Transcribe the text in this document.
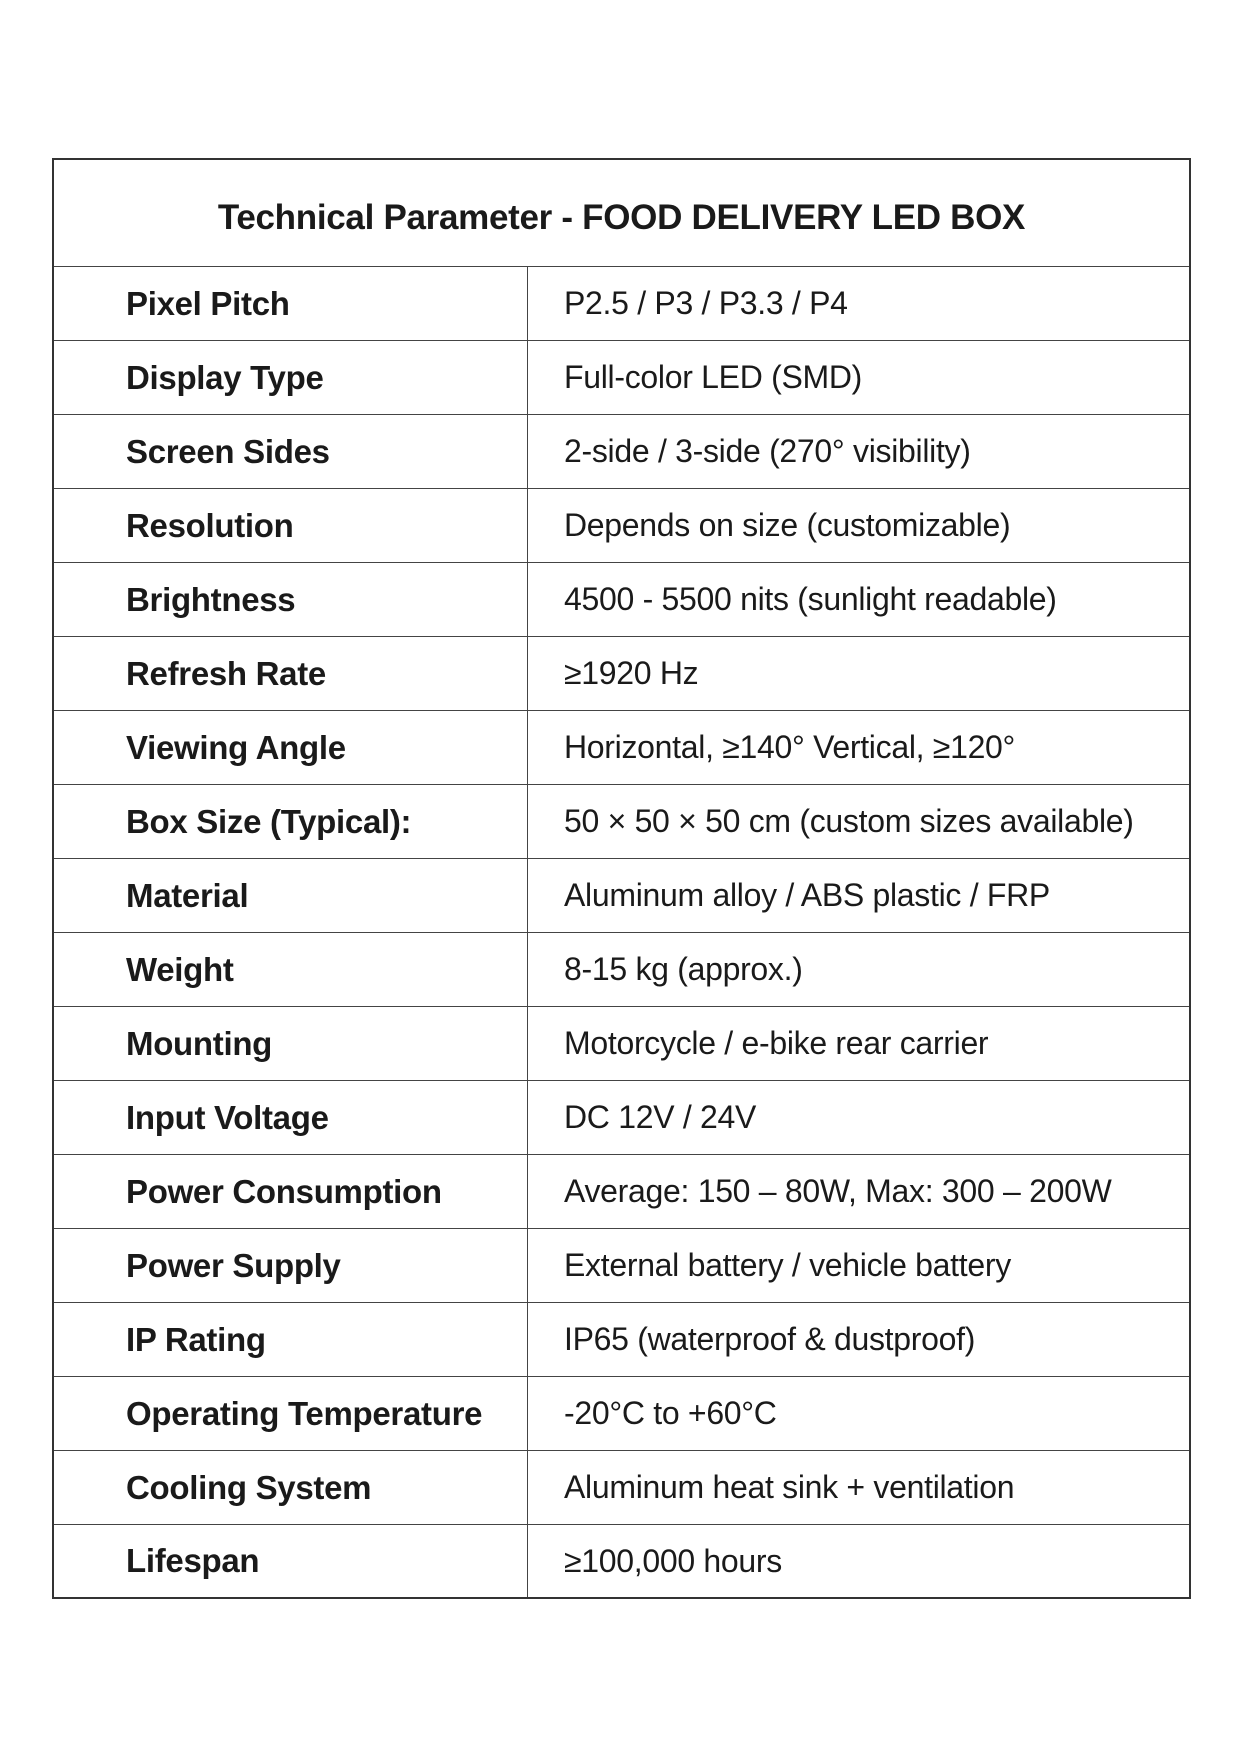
Technical Parameter - FOOD DELIVERY LED BOX
Pixel Pitch	P2.5 / P3 / P3.3 / P4
Display Type	Full-color LED (SMD)
Screen Sides	2-side / 3-side (270° visibility)
Resolution	Depends on size (customizable)
Brightness	4500 - 5500 nits (sunlight readable)
Refresh Rate	≥1920 Hz
Viewing Angle	Horizontal, ≥140° Vertical, ≥120°
Box Size (Typical):	50 × 50 × 50 cm (custom sizes available)
Material	Aluminum alloy / ABS plastic / FRP
Weight	8-15 kg (approx.)
Mounting	Motorcycle / e-bike rear carrier
Input Voltage	DC 12V / 24V
Power Consumption	Average: 150 – 80W, Max: 300 – 200W
Power Supply	External battery / vehicle battery
IP Rating	IP65 (waterproof & dustproof)
Operating Temperature	-20°C to +60°C
Cooling System	Aluminum heat sink + ventilation
Lifespan	≥100,000 hours
